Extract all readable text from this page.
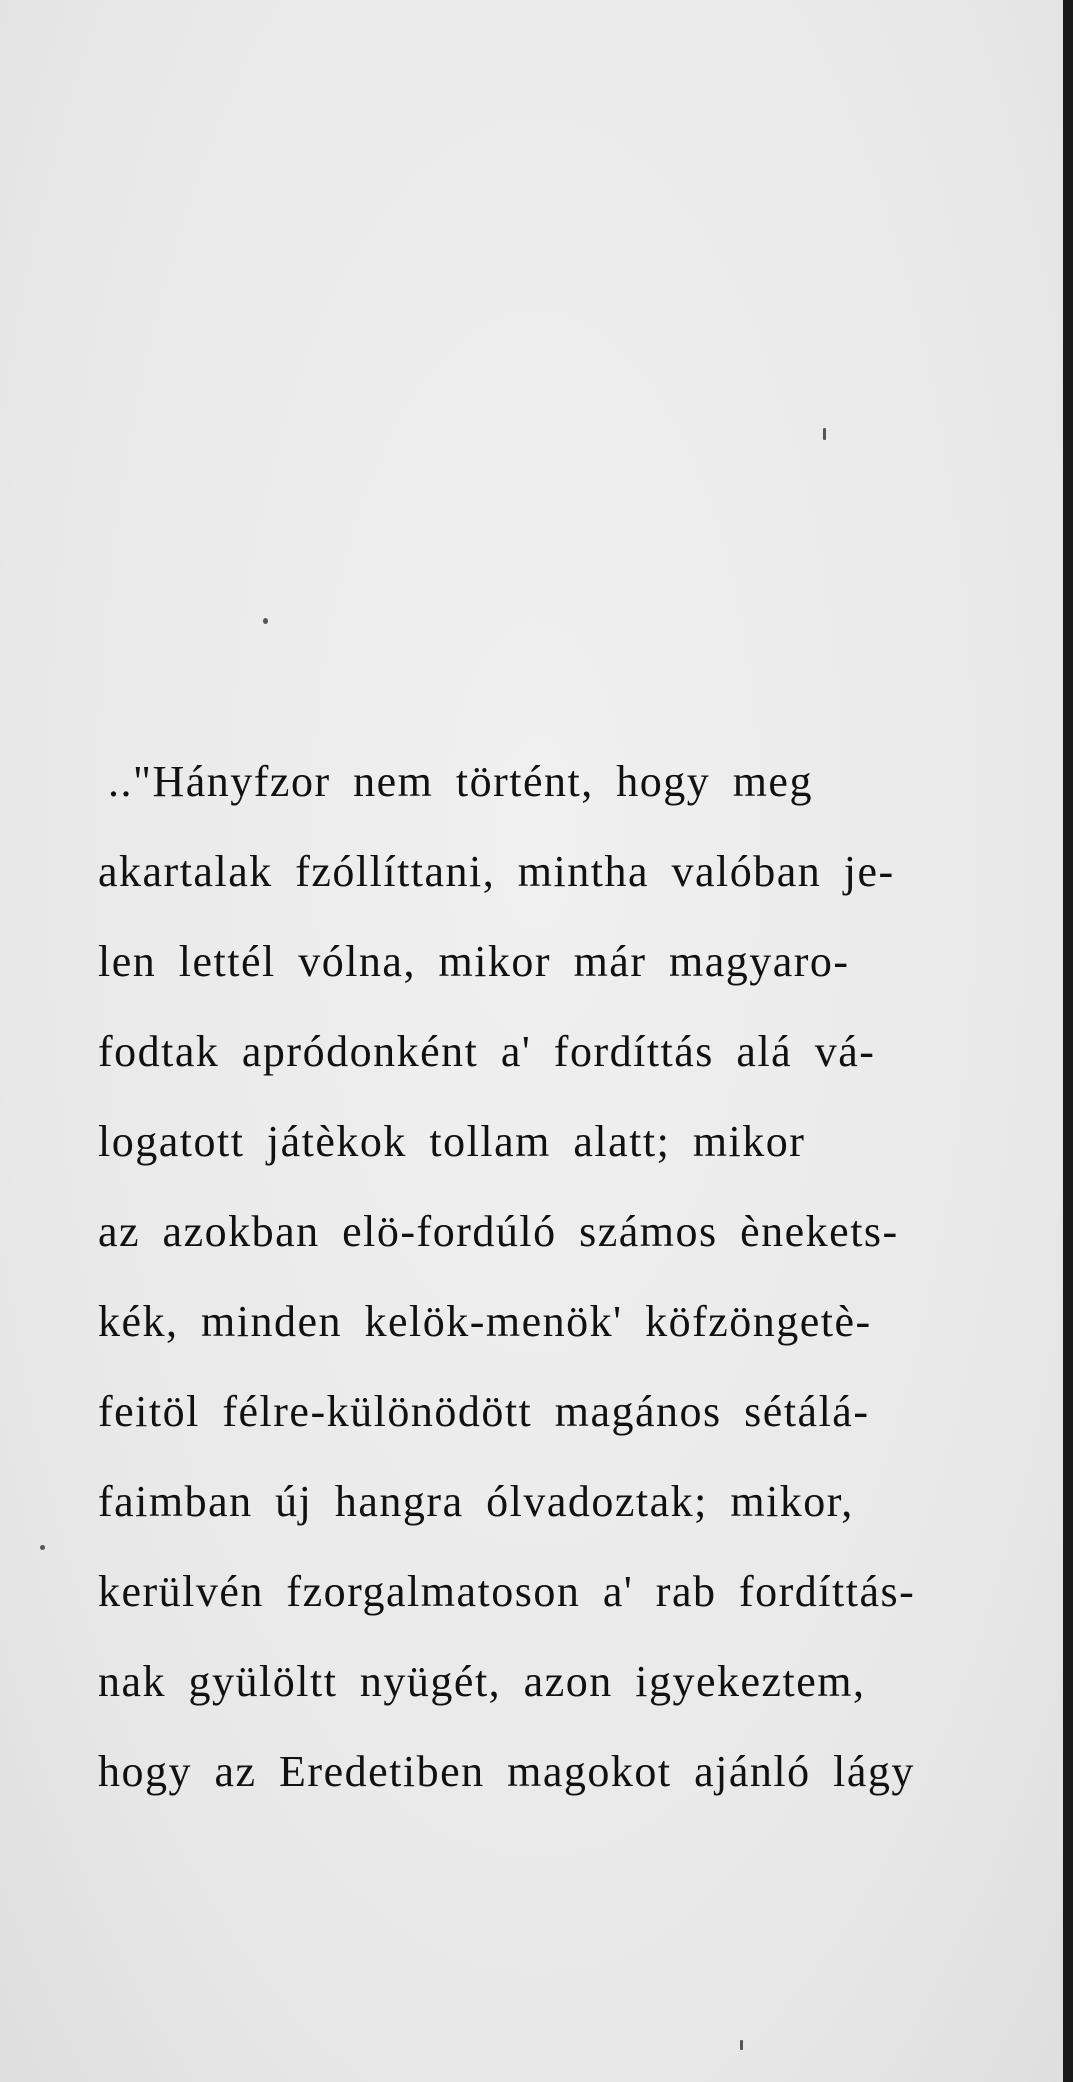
.."Hányfzor nem történt, hogy meg
akartalak fzóllíttani, mintha valóban je-
len lettél vólna, mikor már magyaro-
fodtak apródonként a' fordíttás alá vá-
logatott játèkok tollam alatt; mikor
az azokban elö-fordúló számos ènekets-
kék, minden kelök-menök' köfzöngetè-
feitöl félre-különödött magános sétálá-
faimban új hangra ólvadoztak; mikor,
kerülvén fzorgalmatoson a' rab fordíttás-
nak gyülöltt nyügét, azon igyekeztem,
hogy az Eredetiben magokot ajánló lágy
